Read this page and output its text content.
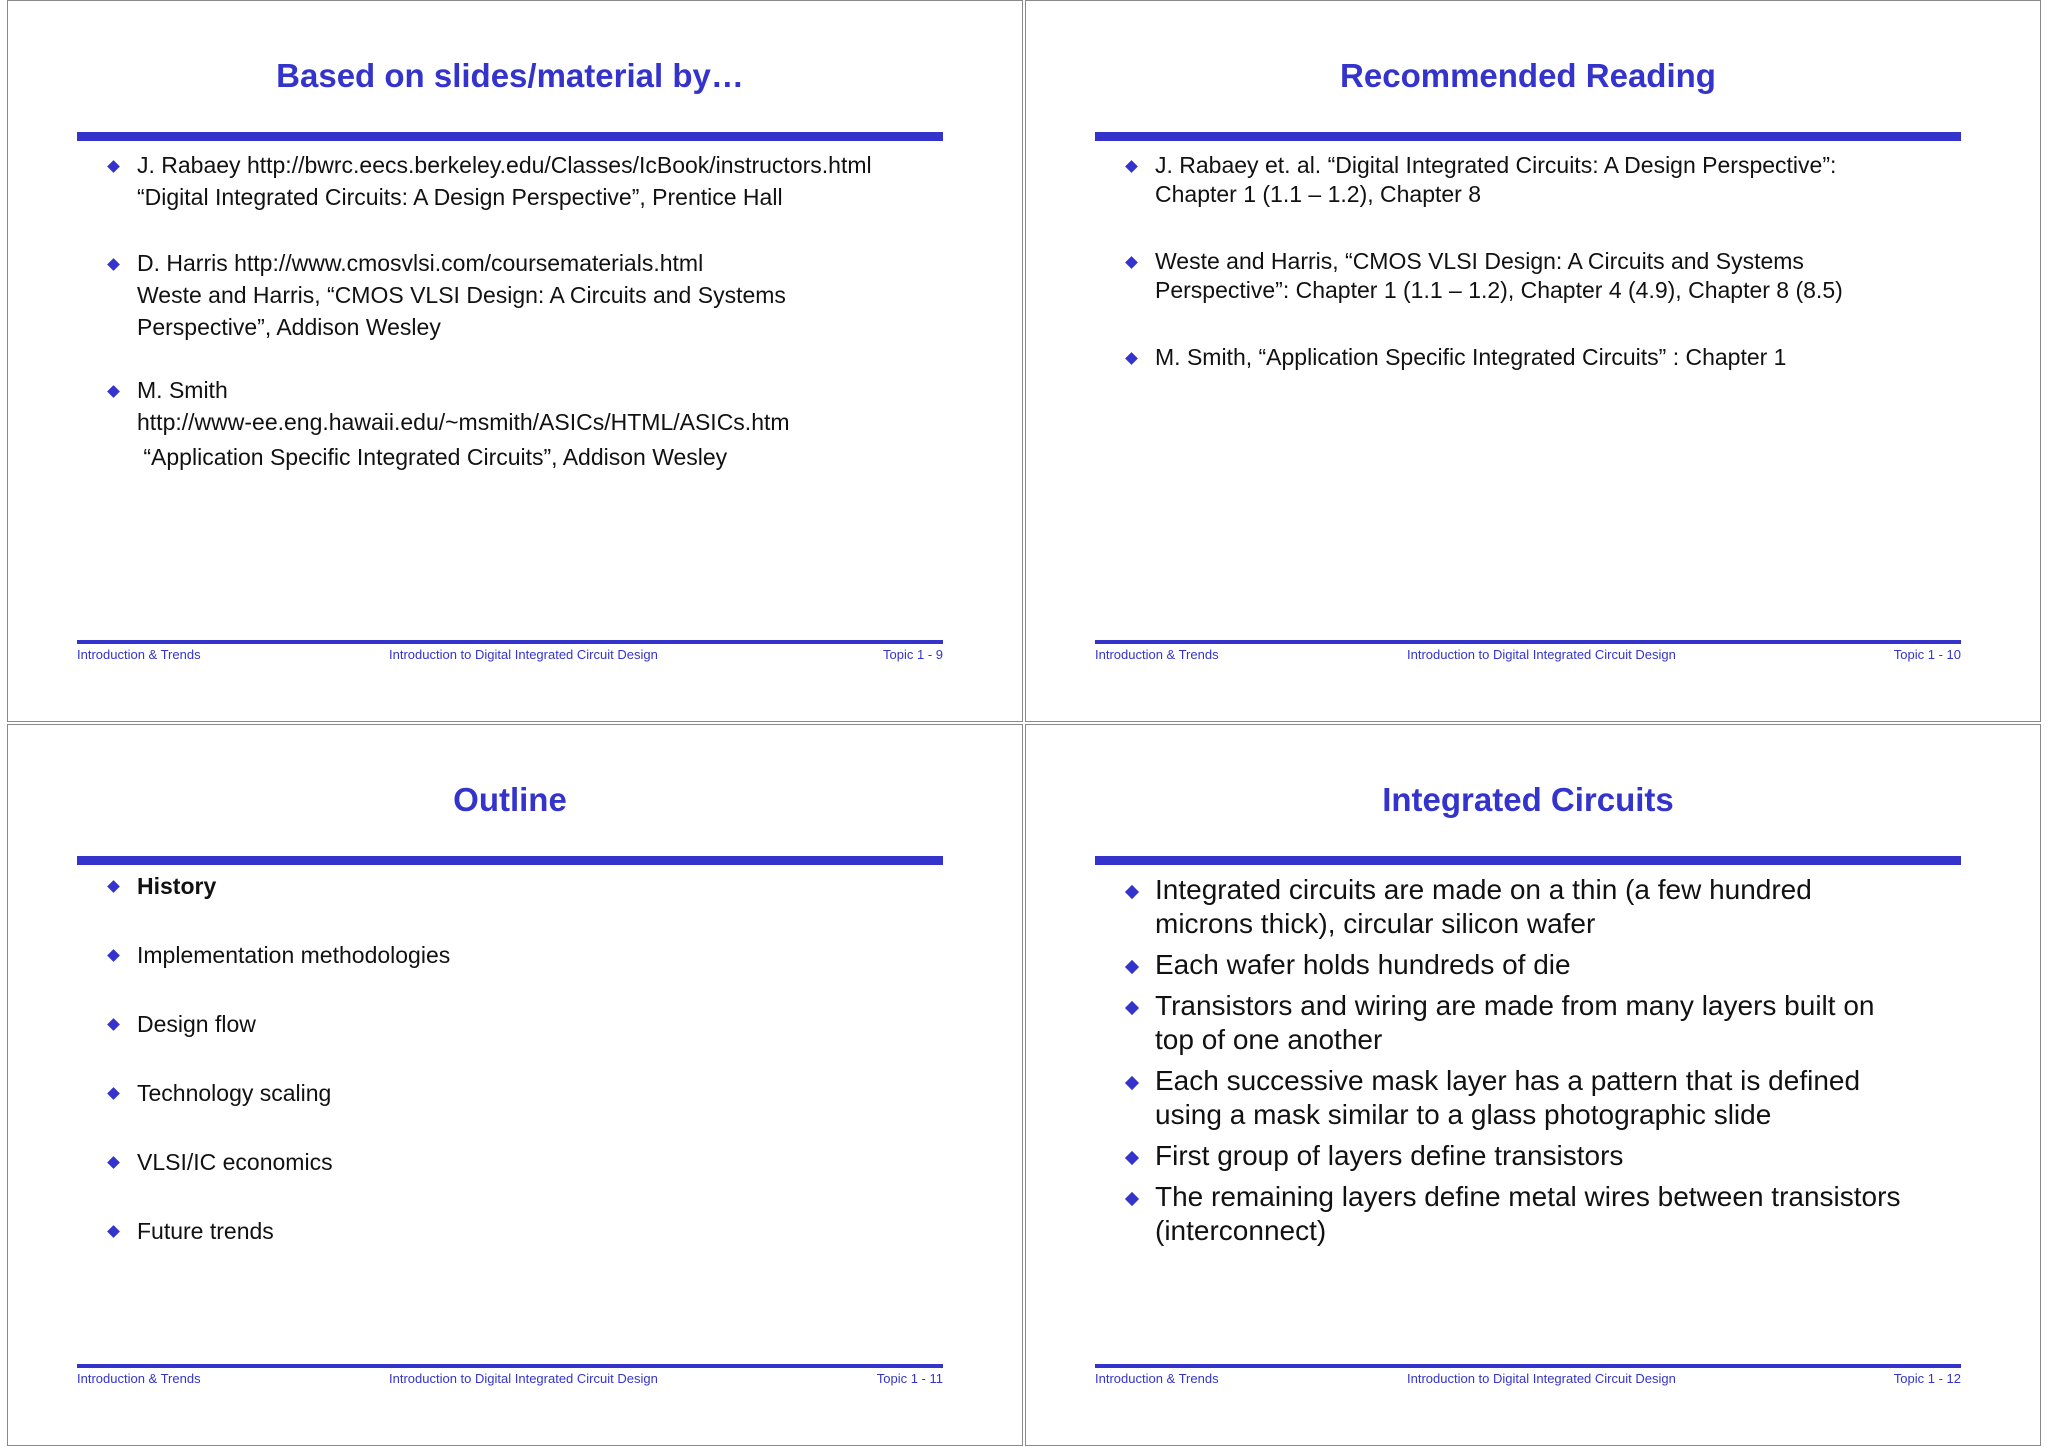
Based on slides/material by…
J. Rabaey http://bwrc.eecs.berkeley.edu/Classes/IcBook/instructors.html
“Digital Integrated Circuits: A Design Perspective”, Prentice Hall
D. Harris http://www.cmosvlsi.com/coursematerials.html
Weste and Harris, “CMOS VLSI Design: A Circuits and Systems
Perspective”, Addison Wesley
M. Smith
http://www-ee.eng.hawaii.edu/~msmith/ASICs/HTML/ASICs.htm
“Application Specific Integrated Circuits”, Addison Wesley
Introduction & Trends	Introduction to Digital Integrated Circuit Design	Topic 1 - 9
Recommended Reading
J. Rabaey et. al. “Digital Integrated Circuits: A Design Perspective”:
Chapter 1 (1.1 – 1.2), Chapter 8
Weste and Harris, “CMOS VLSI Design: A Circuits and Systems
Perspective”: Chapter 1 (1.1 – 1.2), Chapter 4 (4.9), Chapter 8 (8.5)
M. Smith, “Application Specific Integrated Circuits” : Chapter 1
Introduction & Trends	Introduction to Digital Integrated Circuit Design	Topic 1 - 10
Outline
History
Implementation methodologies
Design flow
Technology scaling
VLSI/IC economics
Future trends
Introduction & Trends	Introduction to Digital Integrated Circuit Design	Topic 1 - 11
Integrated Circuits
Integrated circuits are made on a thin (a few hundred
microns thick), circular silicon wafer
Each wafer holds hundreds of die
Transistors and wiring are made from many layers built on
top of one another
Each successive mask layer has a pattern that is defined
using a mask similar to a glass photographic slide
First group of layers define transistors
The remaining layers define metal wires between transistors
(interconnect)
Introduction & Trends	Introduction to Digital Integrated Circuit Design	Topic 1 - 12
